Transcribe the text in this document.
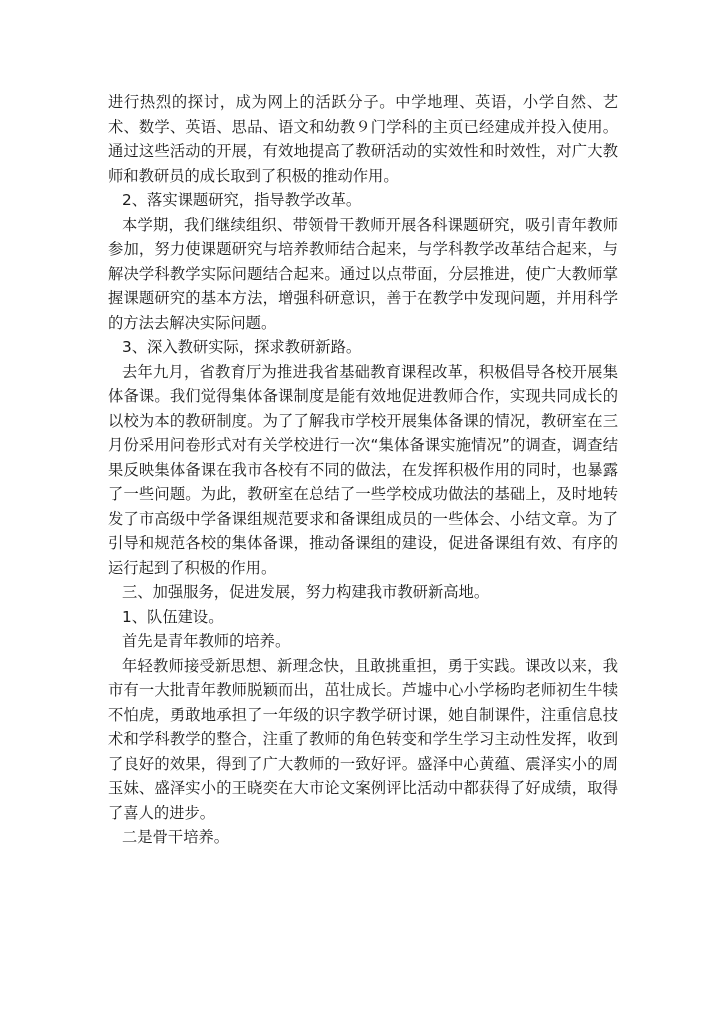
进行热烈的探讨，成为网上的活跃分子。中学地理、英语，小学自然、艺术、数学、英语、思品、语文和幼教９门学科的主页已经建成并投入使用。通过这些活动的开展，有效地提高了教研活动的实效性和时效性，对广大教师和教研员的成长取到了积极的推动作用。

2、落实课题研究，指导教学改革。

本学期，我们继续组织、带领骨干教师开展各科课题研究，吸引青年教师参加，努力使课题研究与培养教师结合起来，与学科教学改革结合起来，与解决学科教学实际问题结合起来。通过以点带面，分层推进，使广大教师掌握课题研究的基本方法，增强科研意识，善于在教学中发现问题，并用科学的方法去解决实际问题。

3、深入教研实际，探求教研新路。

去年九月，省教育厅为推进我省基础教育课程改革，积极倡导各校开展集体备课。我们觉得集体备课制度是能有效地促进教师合作，实现共同成长的以校为本的教研制度。为了了解我市学校开展集体备课的情况，教研室在三月份采用问卷形式对有关学校进行一次“集体备课实施情况”的调查，调查结果反映集体备课在我市各校有不同的做法，在发挥积极作用的同时，也暴露了一些问题。为此，教研室在总结了一些学校成功做法的基础上，及时地转发了市高级中学备课组规范要求和备课组成员的一些体会、小结文章。为了引导和规范各校的集体备课，推动备课组的建设，促进备课组有效、有序的运行起到了积极的作用。

三、加强服务，促进发展，努力构建我市教研新高地。

1、队伍建设。

首先是青年教师的培养。

年轻教师接受新思想、新理念快，且敢挑重担，勇于实践。课改以来，我市有一大批青年教师脱颖而出，茁壮成长。芦墟中心小学杨昀老师初生牛犊不怕虎，勇敢地承担了一年级的识字教学研讨课，她自制课件，注重信息技术和学科教学的整合，注重了教师的角色转变和学生学习主动性发挥，收到了良好的效果，得到了广大教师的一致好评。盛泽中心黄蕴、震泽实小的周玉妹、盛泽实小的王晓奕在大市论文案例评比活动中都获得了好成绩，取得了喜人的进步。

二是骨干培养。
